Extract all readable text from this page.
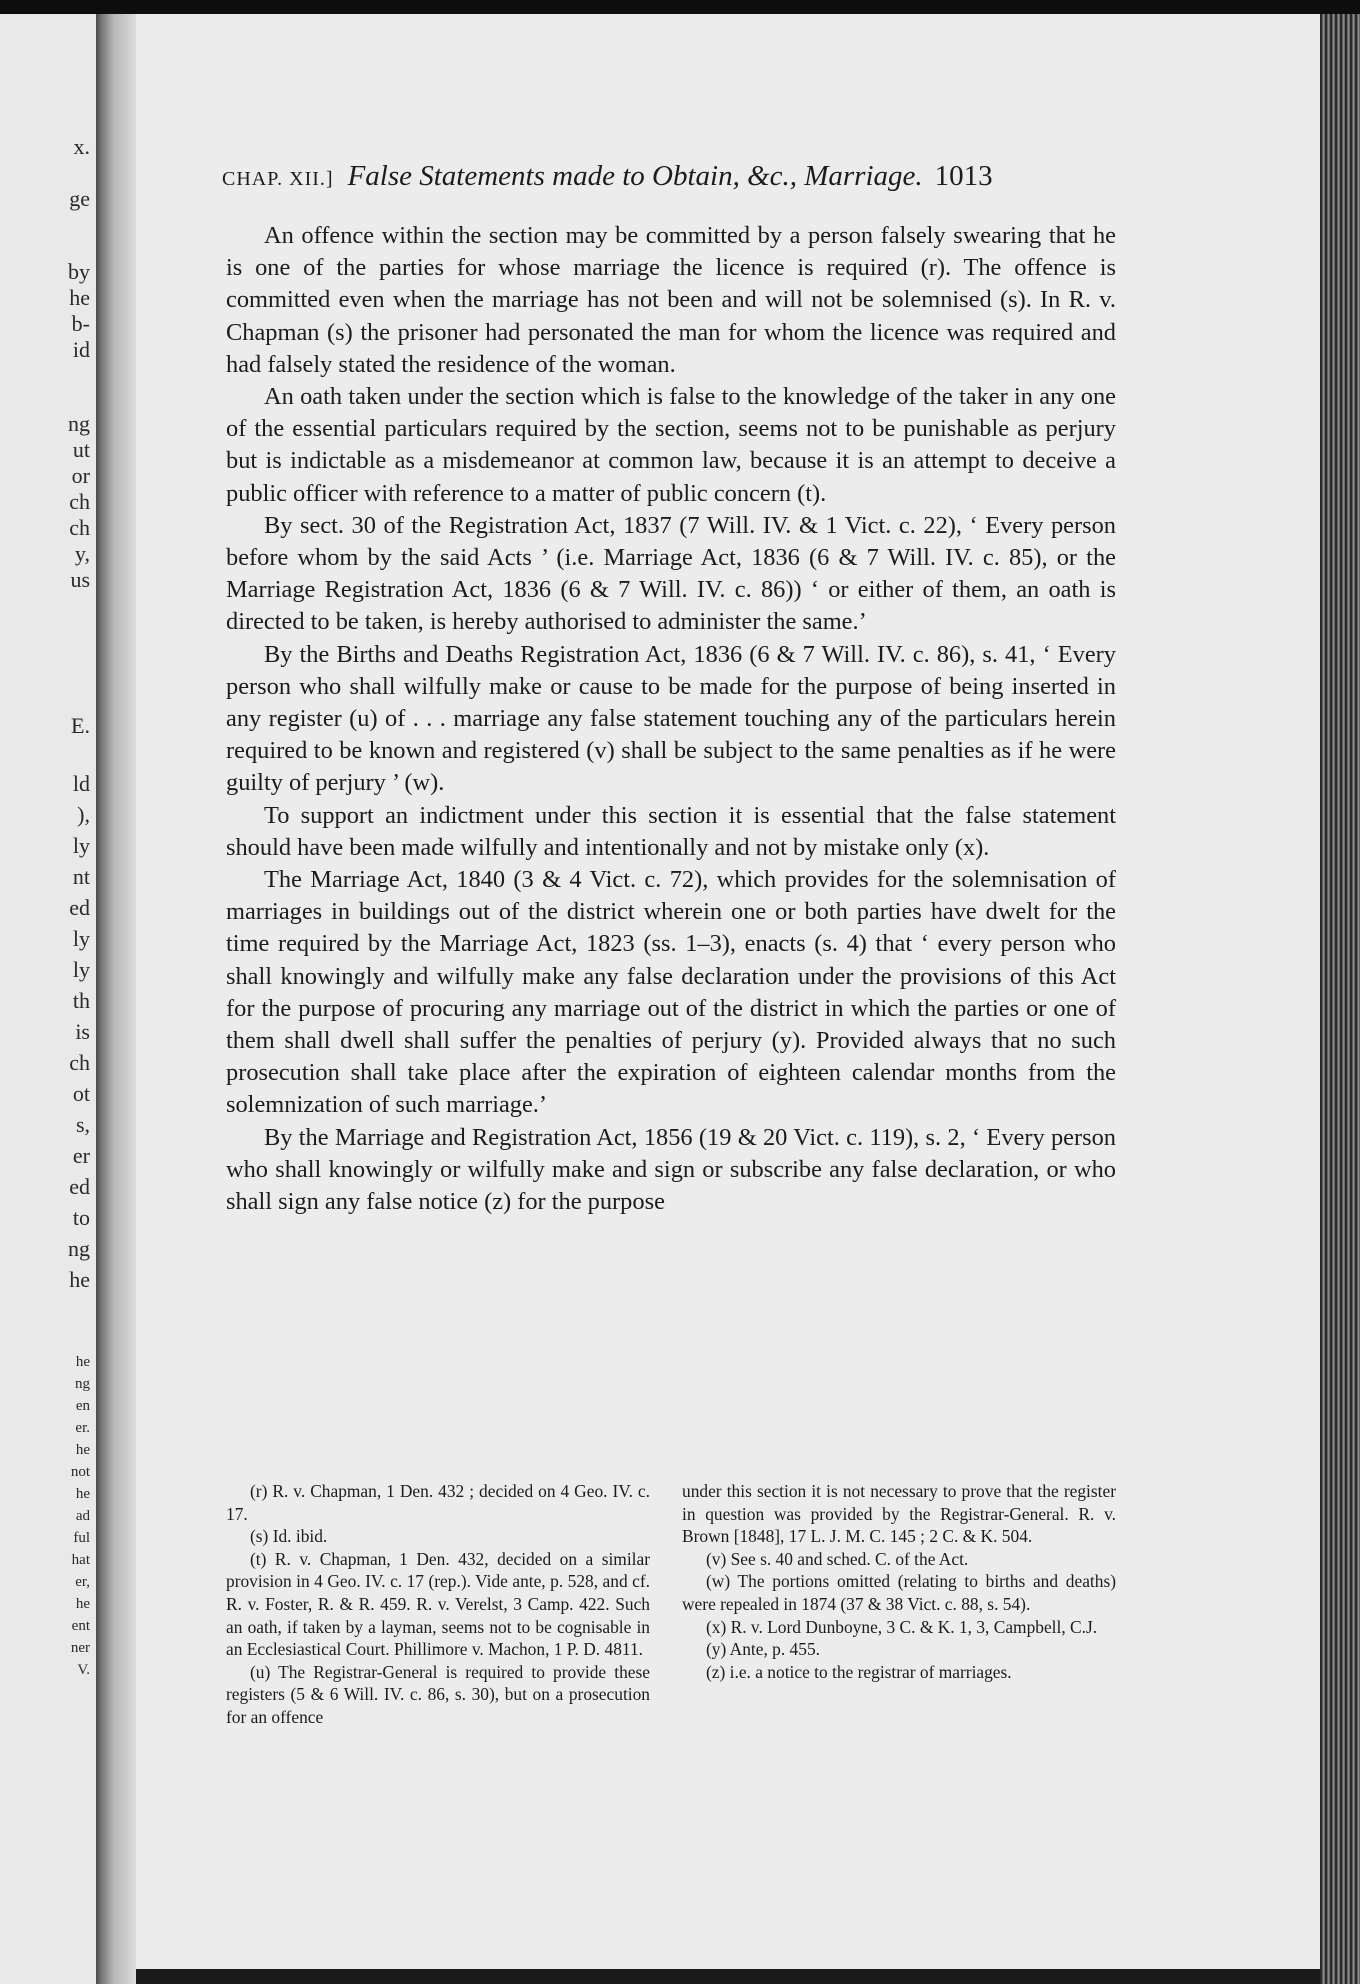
x.
ge
by
he
b-
id
ng
ut
or
ch
ch
y,
us
E.
ld
),
ly
nt
ed
ly
ly
th
is
ch
ot
s,
er
ed
to
ng
he
he
ng
en
er.
he
not
he
ad
ful
hat
er,
he
ent
ner
V.
CHAP. XII.] False Statements made to Obtain, &c., Marriage. 1013

An offence within the section may be committed by a person falsely swearing that he is one of the parties for whose marriage the licence is required (r). The offence is committed even when the marriage has not been and will not be solemnised (s). In R. v. Chapman (s) the prisoner had personated the man for whom the licence was required and had falsely stated the residence of the woman.

An oath taken under the section which is false to the knowledge of the taker in any one of the essential particulars required by the section, seems not to be punishable as perjury but is indictable as a misdemeanor at common law, because it is an attempt to deceive a public officer with reference to a matter of public concern (t).

By sect. 30 of the Registration Act, 1837 (7 Will. IV. & 1 Vict. c. 22), ‘ Every person before whom by the said Acts ’ (i.e. Marriage Act, 1836 (6 & 7 Will. IV. c. 85), or the Marriage Registration Act, 1836 (6 & 7 Will. IV. c. 86)) ‘ or either of them, an oath is directed to be taken, is hereby authorised to administer the same.’

By the Births and Deaths Registration Act, 1836 (6 & 7 Will. IV. c. 86), s. 41, ‘ Every person who shall wilfully make or cause to be made for the purpose of being inserted in any register (u) of . . . marriage any false statement touching any of the particulars herein required to be known and registered (v) shall be subject to the same penalties as if he were guilty of perjury ’ (w).

To support an indictment under this section it is essential that the false statement should have been made wilfully and intentionally and not by mistake only (x).

The Marriage Act, 1840 (3 & 4 Vict. c. 72), which provides for the solemnisation of marriages in buildings out of the district wherein one or both parties have dwelt for the time required by the Marriage Act, 1823 (ss. 1–3), enacts (s. 4) that ‘ every person who shall knowingly and wilfully make any false declaration under the provisions of this Act for the purpose of procuring any marriage out of the district in which the parties or one of them shall dwell shall suffer the penalties of perjury (y). Provided always that no such prosecution shall take place after the expiration of eighteen calendar months from the solemnization of such marriage.’

By the Marriage and Registration Act, 1856 (19 & 20 Vict. c. 119), s. 2, ‘ Every person who shall knowingly or wilfully make and sign or subscribe any false declaration, or who shall sign any false notice (z) for the purpose

(r) R. v. Chapman, 1 Den. 432 ; decided on 4 Geo. IV. c. 17.

(s) Id. ibid.

(t) R. v. Chapman, 1 Den. 432, decided on a similar provision in 4 Geo. IV. c. 17 (rep.). Vide ante, p. 528, and cf. R. v. Foster, R. & R. 459. R. v. Verelst, 3 Camp. 422. Such an oath, if taken by a layman, seems not to be cognisable in an Ecclesiastical Court. Phillimore v. Machon, 1 P. D. 4811.

(u) The Registrar-General is required to provide these registers (5 & 6 Will. IV. c. 86, s. 30), but on a prosecution for an offence

under this section it is not necessary to prove that the register in question was provided by the Registrar-General. R. v. Brown [1848], 17 L. J. M. C. 145 ; 2 C. & K. 504.

(v) See s. 40 and sched. C. of the Act.

(w) The portions omitted (relating to births and deaths) were repealed in 1874 (37 & 38 Vict. c. 88, s. 54).

(x) R. v. Lord Dunboyne, 3 C. & K. 1, 3, Campbell, C.J.

(y) Ante, p. 455.

(z) i.e. a notice to the registrar of marriages.
